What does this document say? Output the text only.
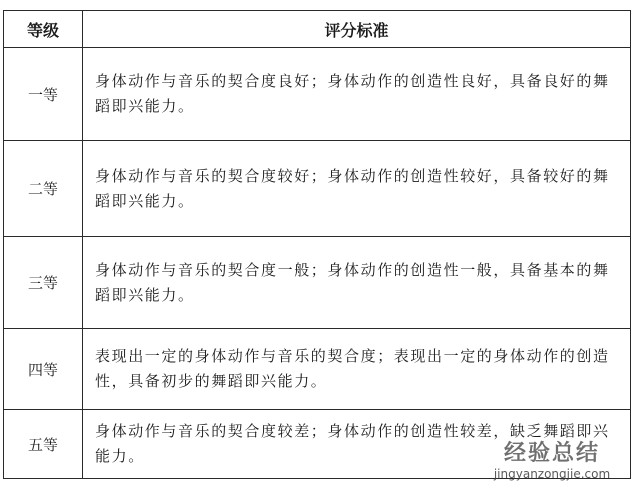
等级	评分标准
一等	身体动作与音乐的契合度良好；身体动作的创造性良好，具备良好的舞蹈即兴能力。
二等	身体动作与音乐的契合度较好；身体动作的创造性较好，具备较好的舞蹈即兴能力。
三等	身体动作与音乐的契合度一般；身体动作的创造性一般，具备基本的舞蹈即兴能力。
四等	表现出一定的身体动作与音乐的契合度；表现出一定的身体动作的创造性，具备初步的舞蹈即兴能力。
五等	身体动作与音乐的契合度较差；身体动作的创造性较差，缺乏舞蹈即兴能力。	经验总结
jingyanzongjie.com
